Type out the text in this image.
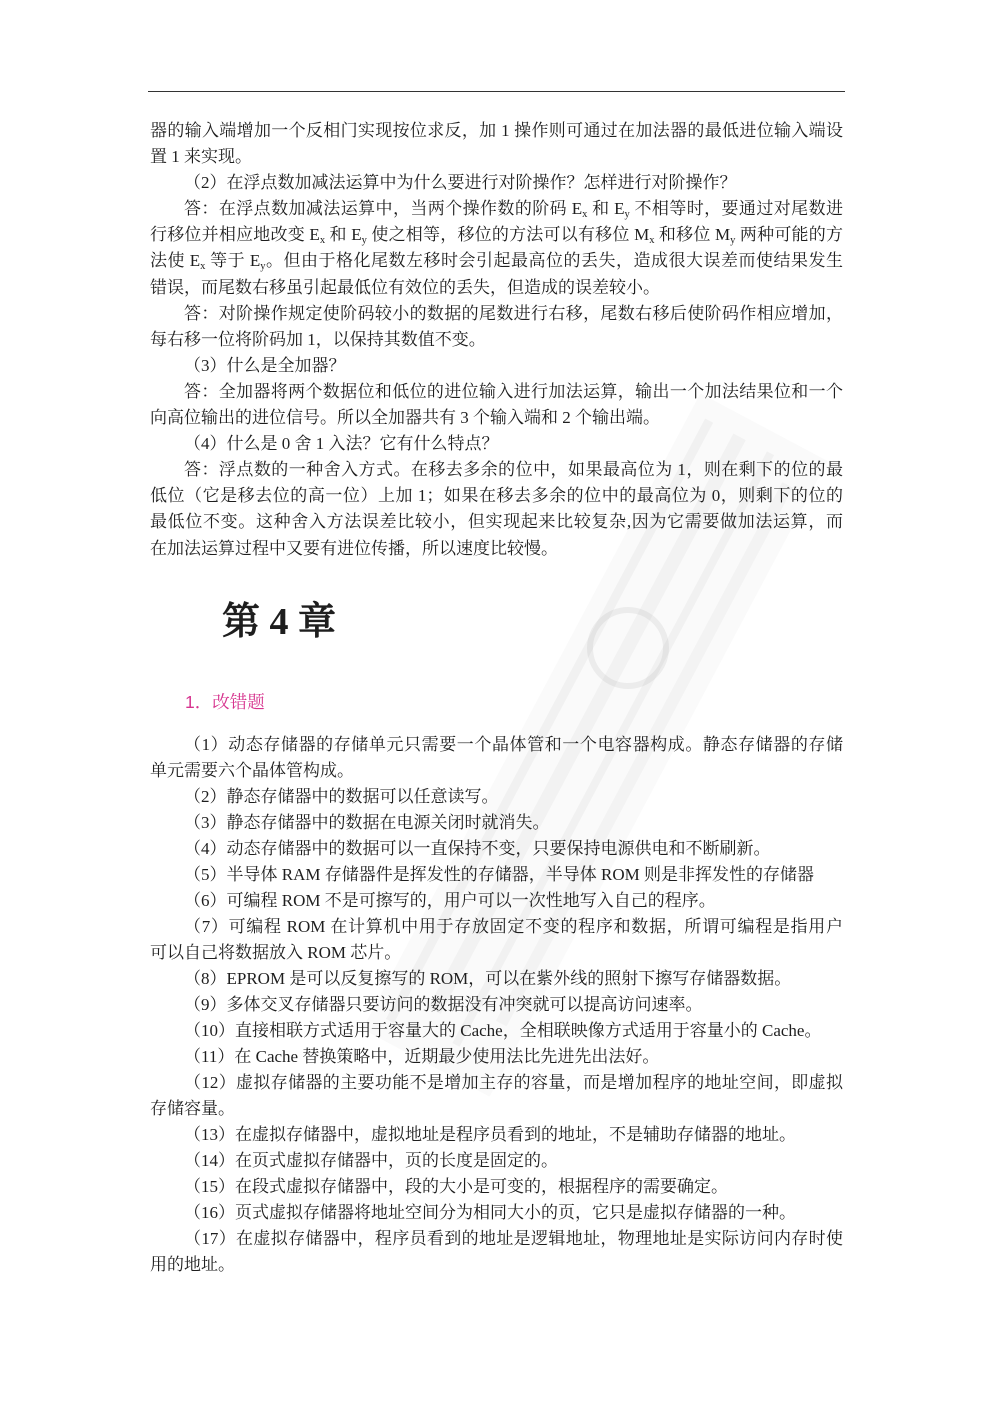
器的输入端增加一个反相门实现按位求反，加 1 操作则可通过在加法器的最低进位输入端设
置 1 来实现。
（2）在浮点数加减法运算中为什么要进行对阶操作？怎样进行对阶操作？
答：在浮点数加减法运算中，当两个操作数的阶码 $E_x$ 和 $E_y$ 不相等时，要通过对尾数进
行移位并相应地改变 $E_x$ 和 $E_y$ 使之相等，移位的方法可以有移位 $M_x$ 和移位 $M_y$ 两种可能的方
法使 $E_x$ 等于 $E_y$。但由于格化尾数左移时会引起最高位的丢失，造成很大误差而使结果发生
错误，而尾数右移虽引起最低位有效位的丢失，但造成的误差较小。
答：对阶操作规定使阶码较小的数据的尾数进行右移，尾数右移后使阶码作相应增加，
每右移一位将阶码加 1，以保持其数值不变。
（3）什么是全加器？
答：全加器将两个数据位和低位的进位输入进行加法运算，输出一个加法结果位和一个
向高位输出的进位信号。所以全加器共有 3 个输入端和 2 个输出端。
（4）什么是 0 舍 1 入法？它有什么特点？
答：浮点数的一种舍入方式。在移去多余的位中，如果最高位为 1，则在剩下的位的最
低位（它是移去位的高一位）上加 1；如果在移去多余的位中的最高位为 0，则剩下的位的
最低位不变。这种舍入方法误差比较小，但实现起来比较复杂,因为它需要做加法运算，而
在加法运算过程中又要有进位传播，所以速度比较慢。
第 4 章
1．改错题
（1）动态存储器的存储单元只需要一个晶体管和一个电容器构成。静态存储器的存储
单元需要六个晶体管构成。
（2）静态存储器中的数据可以任意读写。
（3）静态存储器中的数据在电源关闭时就消失。
（4）动态存储器中的数据可以一直保持不变，只要保持电源供电和不断刷新。
（5）半导体 RAM 存储器件是挥发性的存储器，半导体 ROM 则是非挥发性的存储器
（6）可编程 ROM 不是可擦写的，用户可以一次性地写入自己的程序。
（7）可编程 ROM 在计算机中用于存放固定不变的程序和数据，所谓可编程是指用户
可以自己将数据放入 ROM 芯片。
（8）EPROM 是可以反复擦写的 ROM，可以在紫外线的照射下擦写存储器数据。
（9）多体交叉存储器只要访问的数据没有冲突就可以提高访问速率。
（10）直接相联方式适用于容量大的 Cache，全相联映像方式适用于容量小的 Cache。
（11）在 Cache 替换策略中，近期最少使用法比先进先出法好。
（12）虚拟存储器的主要功能不是增加主存的容量，而是增加程序的地址空间，即虚拟
存储容量。
（13）在虚拟存储器中，虚拟地址是程序员看到的地址，不是辅助存储器的地址。
（14）在页式虚拟存储器中，页的长度是固定的。
（15）在段式虚拟存储器中，段的大小是可变的，根据程序的需要确定。
（16）页式虚拟存储器将地址空间分为相同大小的页，它只是虚拟存储器的一种。
（17）在虚拟存储器中，程序员看到的地址是逻辑地址，物理地址是实际访问内存时使
用的地址。
